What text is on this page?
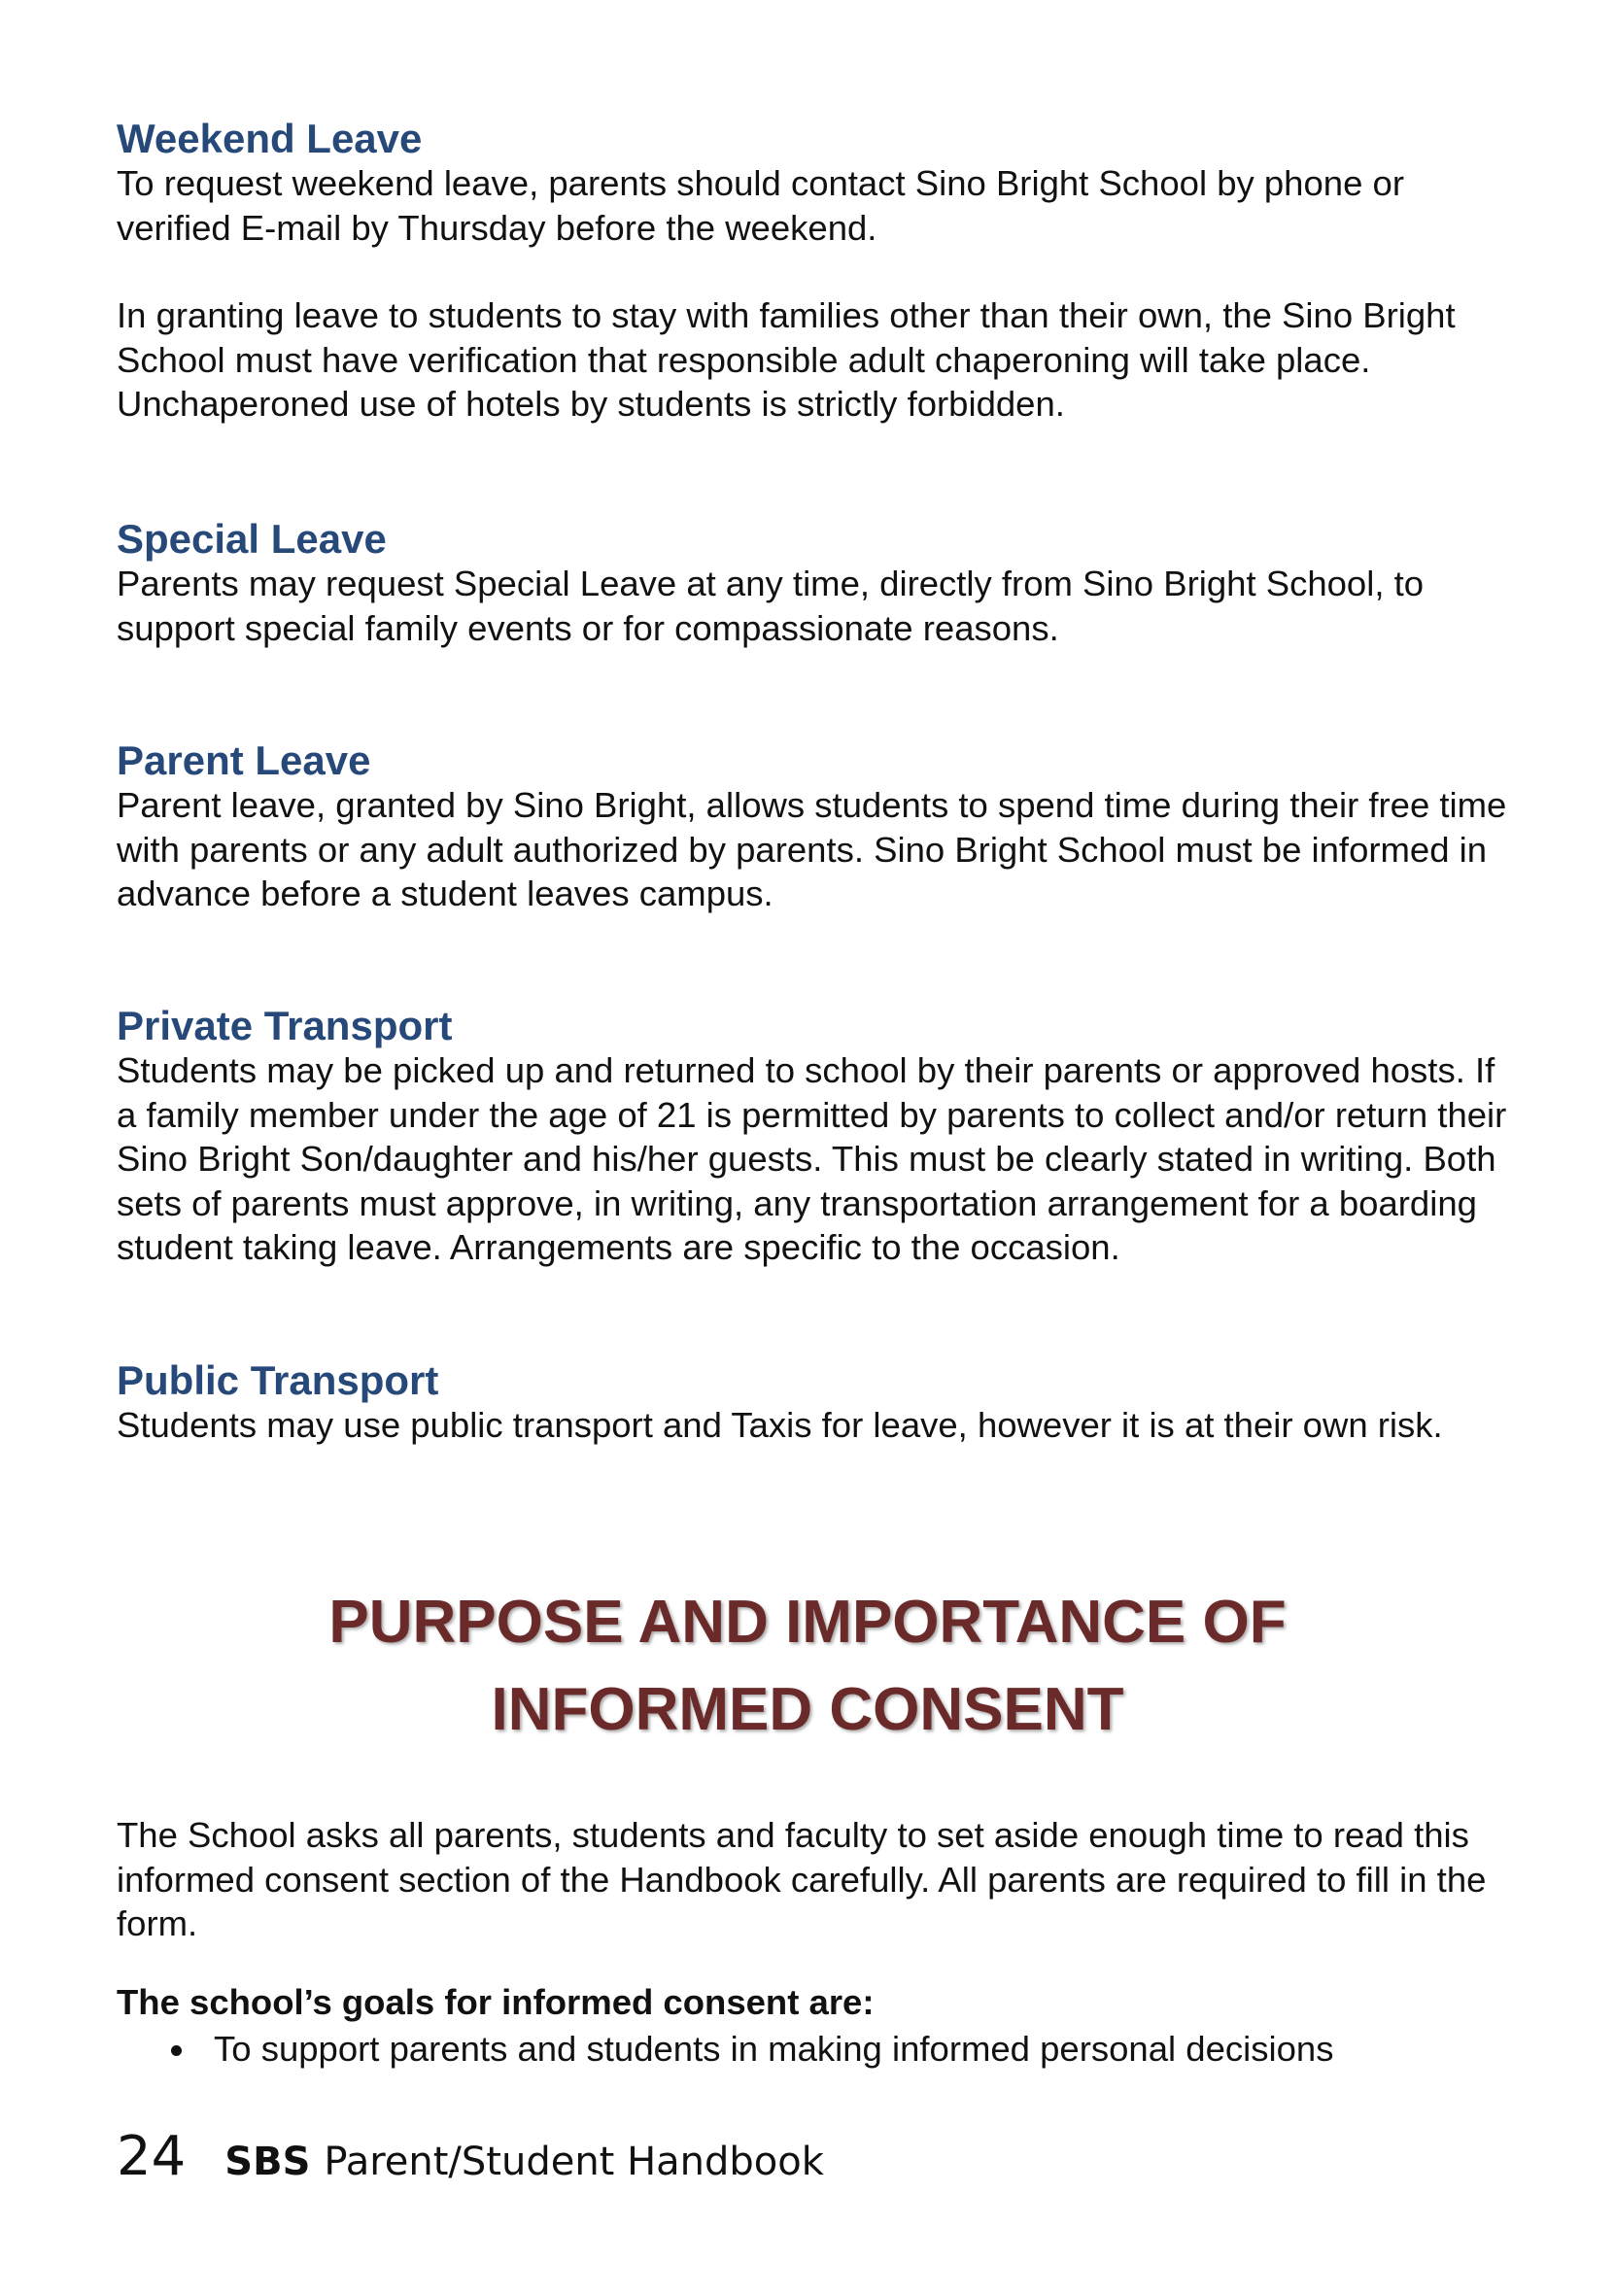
Weekend Leave

To request weekend leave, parents should contact Sino Bright School by phone or verified E-mail by Thursday before the weekend.

In granting leave to students to stay with families other than their own, the Sino Bright School must have verification that responsible adult chaperoning will take place. Unchaperoned use of hotels by students is strictly forbidden.

Special Leave

Parents may request Special Leave at any time, directly from Sino Bright School, to support special family events or for compassionate reasons.

Parent Leave

Parent leave, granted by Sino Bright, allows students to spend time during their free time with parents or any adult authorized by parents. Sino Bright School must be informed in advance before a student leaves campus.

Private Transport

Students may be picked up and returned to school by their parents or approved hosts. If a family member under the age of 21 is permitted by parents to collect and/or return their Sino Bright Son/daughter and his/her guests. This must be clearly stated in writing. Both sets of parents must approve, in writing, any transportation arrangement for a boarding student taking leave. Arrangements are specific to the occasion.

Public Transport

Students may use public transport and Taxis for leave, however it is at their own risk.

PURPOSE AND IMPORTANCE OF
INFORMED CONSENT

The School asks all parents, students and faculty to set aside enough time to read this informed consent section of the Handbook carefully. All parents are required to fill in the form.

The school’s goals for informed consent are:

To support parents and students in making informed personal decisions
24 SBS Parent/Student Handbook
